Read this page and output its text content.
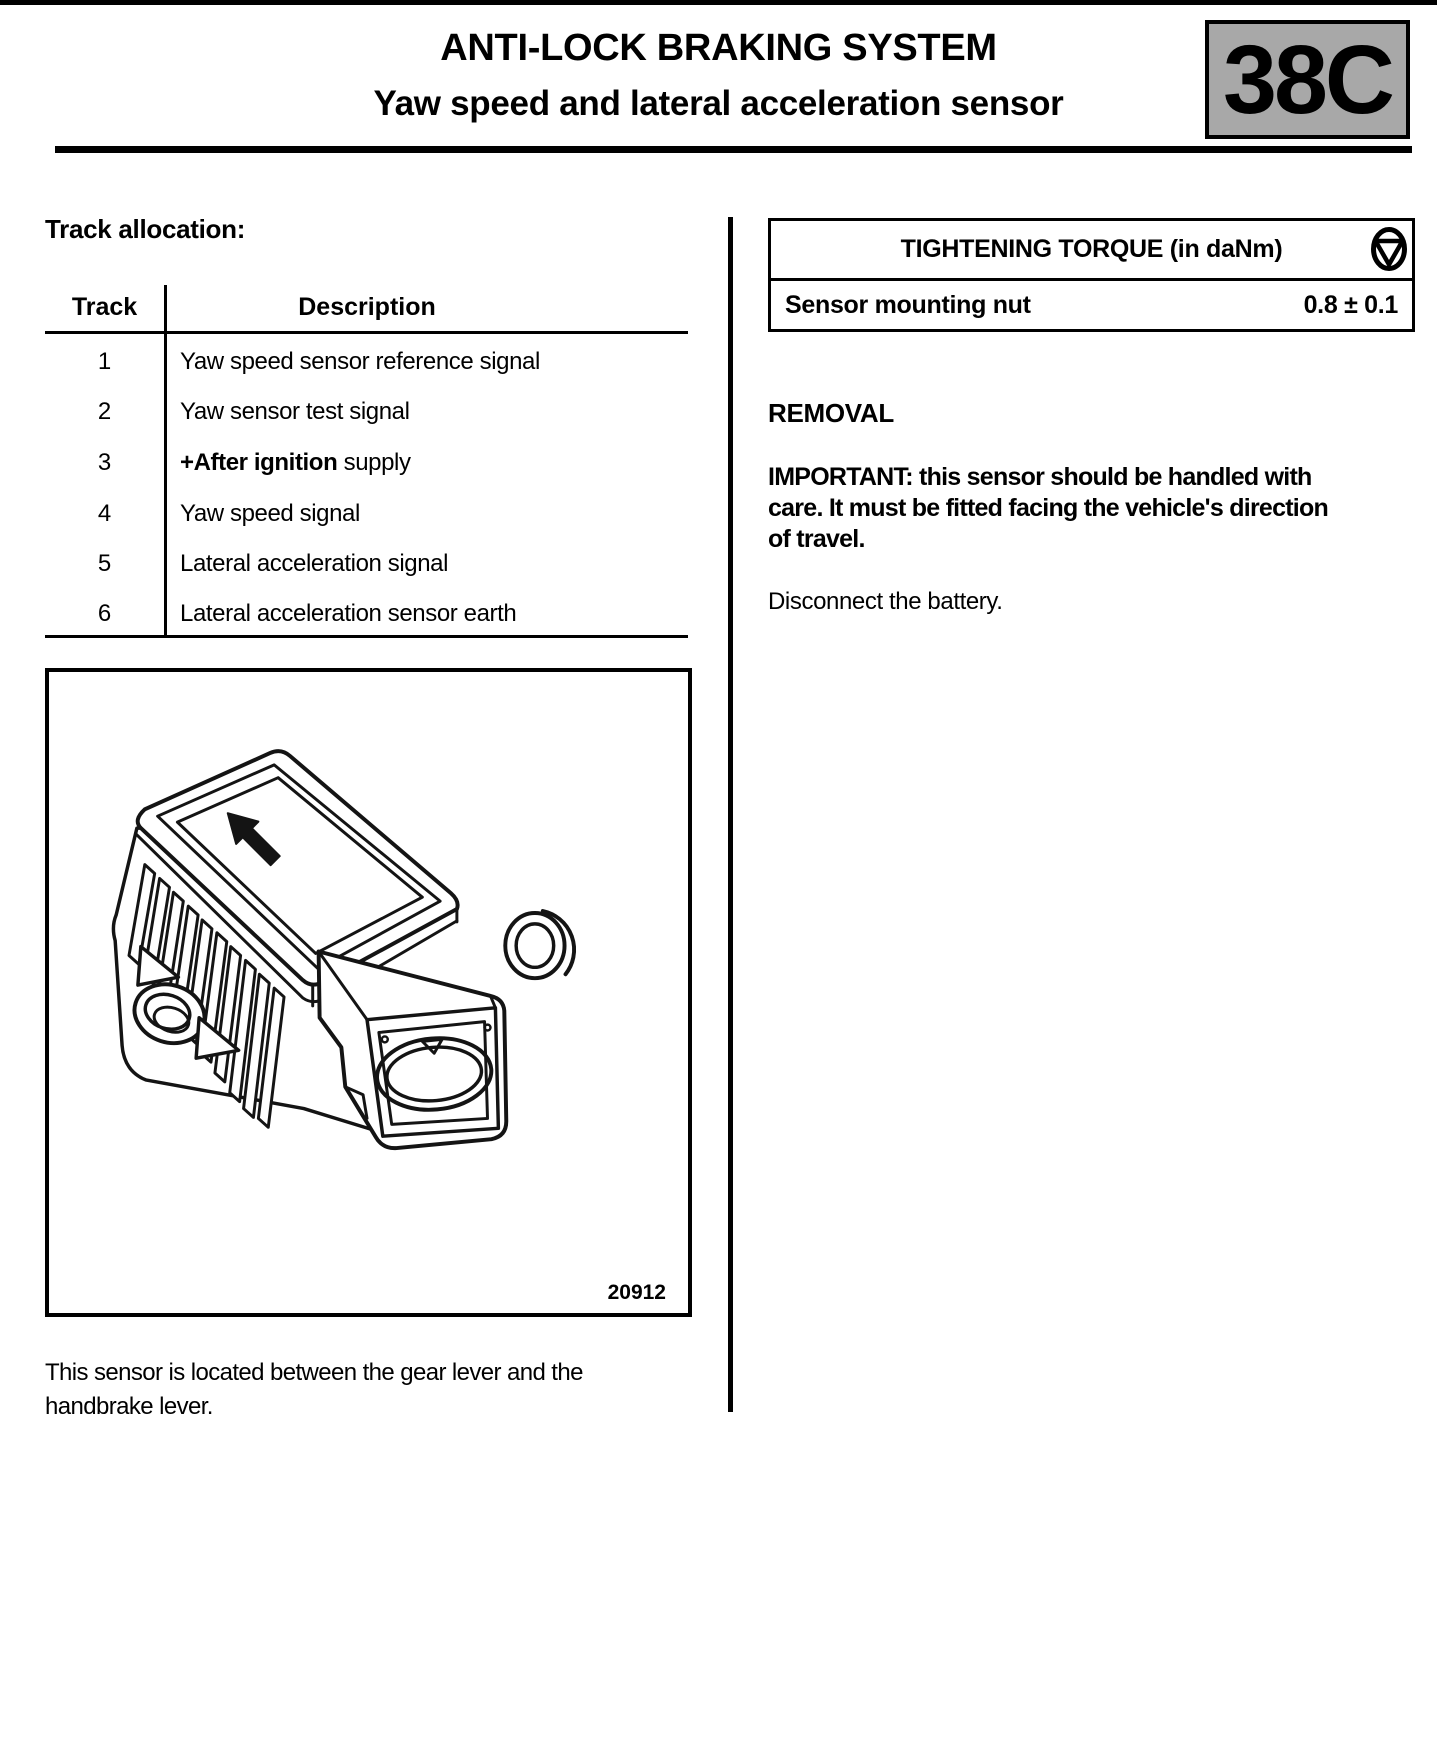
ANTI-LOCK BRAKING SYSTEM
Yaw speed and lateral acceleration sensor	38C
Track allocation:
Track	Description
1	Yaw speed sensor reference signal
2	Yaw sensor test signal
3	+After ignition supply
4	Yaw speed signal
5	Lateral acceleration signal
6	Lateral acceleration sensor earth
20912
This sensor is located between the gear lever and the
handbrake lever.
TIGHTENING TORQUE (in daNm)
Sensor mounting nut	0.8 ± 0.1
REMOVAL
IMPORTANT: this sensor should be handled with
care. It must be fitted facing the vehicle's direction
of travel.
Disconnect the battery.
